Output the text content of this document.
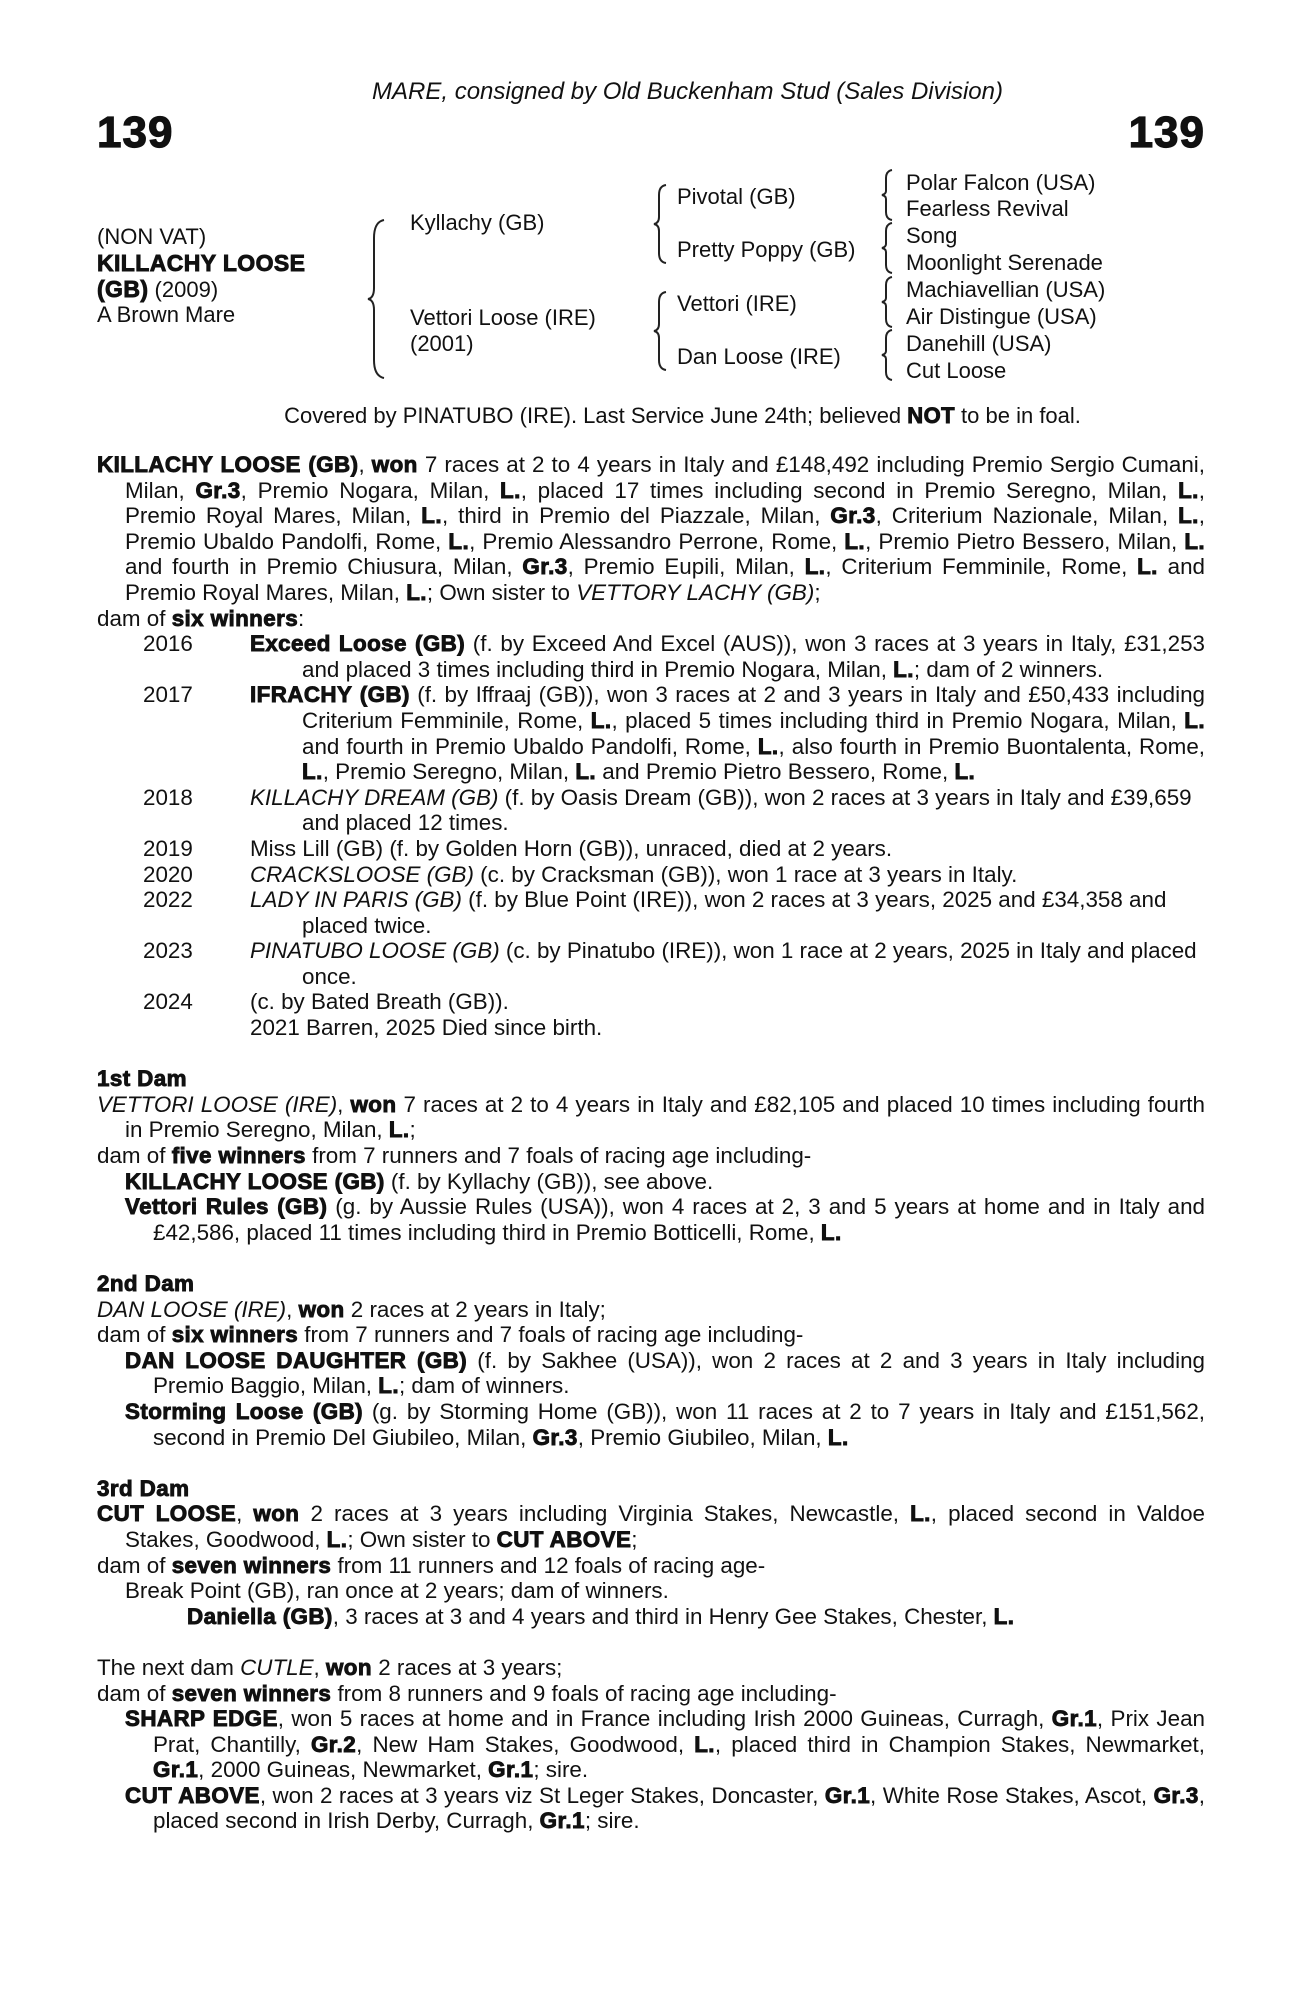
MARE, consigned by Old Buckenham Stud (Sales Division)
139	139
(NON VAT)
KILLACHY LOOSE
(GB) (2009)
A Brown Mare
Kyllachy (GB)
Vettori Loose (IRE)
(2001)
Pivotal (GB)
Pretty Poppy (GB)
Vettori (IRE)
Dan Loose (IRE)
Polar Falcon (USA)
Fearless Revival
Song
Moonlight Serenade
Machiavellian (USA)
Air Distingue (USA)
Danehill (USA)
Cut Loose
Covered by PINATUBO (IRE). Last Service June 24th; believed NOT to be in foal.

KILLACHY LOOSE (GB), won 7 races at 2 to 4 years in Italy and £148,492 including Premio Sergio Cumani, Milan, Gr.3, Premio Nogara, Milan, L., placed 17 times including second in Premio Seregno, Milan, L., Premio Royal Mares, Milan, L., third in Premio del Piazzale, Milan, Gr.3, Criterium Nazionale, Milan, L., Premio Ubaldo Pandolfi, Rome, L., Premio Alessandro Perrone, Rome, L., Premio Pietro Bessero, Milan, L. and fourth in Premio Chiusura, Milan, Gr.3, Premio Eupili, Milan, L., Criterium Femminile, Rome, L. and Premio Royal Mares, Milan, L.; Own sister to VETTORY LACHY (GB);

dam of six winners:

2016	Exceed Loose (GB) (f. by Exceed And Excel (AUS)), won 3 races at 3 years in Italy, £31,253 and placed 3 times including third in Premio Nogara, Milan, L.; dam of 2 winners.
2017	IFRACHY (GB) (f. by Iffraaj (GB)), won 3 races at 2 and 3 years in Italy and £50,433 including Criterium Femminile, Rome, L., placed 5 times including third in Premio Nogara, Milan, L. and fourth in Premio Ubaldo Pandolfi, Rome, L., also fourth in Premio Buontalenta, Rome, L., Premio Seregno, Milan, L. and Premio Pietro Bessero, Rome, L.
2018	KILLACHY DREAM (GB) (f. by Oasis Dream (GB)), won 2 races at 3 years in Italy and £39,659 and placed 12 times.
2019	Miss Lill (GB) (f. by Golden Horn (GB)), unraced, died at 2 years.
2020	CRACKSLOOSE (GB) (c. by Cracksman (GB)), won 1 race at 3 years in Italy.
2022	LADY IN PARIS (GB) (f. by Blue Point (IRE)), won 2 races at 3 years, 2025 and £34,358 and placed twice.
2023	PINATUBO LOOSE (GB) (c. by Pinatubo (IRE)), won 1 race at 2 years, 2025 in Italy and placed once.
2024	(c. by Bated Breath (GB)).
2021 Barren, 2025 Died since birth.

1st Dam

VETTORI LOOSE (IRE), won 7 races at 2 to 4 years in Italy and £82,105 and placed 10 times including fourth in Premio Seregno, Milan, L.;

dam of five winners from 7 runners and 7 foals of racing age including-

KILLACHY LOOSE (GB) (f. by Kyllachy (GB)), see above.

Vettori Rules (GB) (g. by Aussie Rules (USA)), won 4 races at 2, 3 and 5 years at home and in Italy and £42,586, placed 11 times including third in Premio Botticelli, Rome, L.

2nd Dam

DAN LOOSE (IRE), won 2 races at 2 years in Italy;

dam of six winners from 7 runners and 7 foals of racing age including-

DAN LOOSE DAUGHTER (GB) (f. by Sakhee (USA)), won 2 races at 2 and 3 years in Italy including Premio Baggio, Milan, L.; dam of winners.

Storming Loose (GB) (g. by Storming Home (GB)), won 11 races at 2 to 7 years in Italy and £151,562, second in Premio Del Giubileo, Milan, Gr.3, Premio Giubileo, Milan, L.

3rd Dam

CUT LOOSE, won 2 races at 3 years including Virginia Stakes, Newcastle, L., placed second in Valdoe Stakes, Goodwood, L.; Own sister to CUT ABOVE;

dam of seven winners from 11 runners and 12 foals of racing age-

Break Point (GB), ran once at 2 years; dam of winners.

Daniella (GB), 3 races at 3 and 4 years and third in Henry Gee Stakes, Chester, L.

The next dam CUTLE, won 2 races at 3 years;

dam of seven winners from 8 runners and 9 foals of racing age including-

SHARP EDGE, won 5 races at home and in France including Irish 2000 Guineas, Curragh, Gr.1, Prix Jean Prat, Chantilly, Gr.2, New Ham Stakes, Goodwood, L., placed third in Champion Stakes, Newmarket, Gr.1, 2000 Guineas, Newmarket, Gr.1; sire.

CUT ABOVE, won 2 races at 3 years viz St Leger Stakes, Doncaster, Gr.1, White Rose Stakes, Ascot, Gr.3, placed second in Irish Derby, Curragh, Gr.1; sire.
